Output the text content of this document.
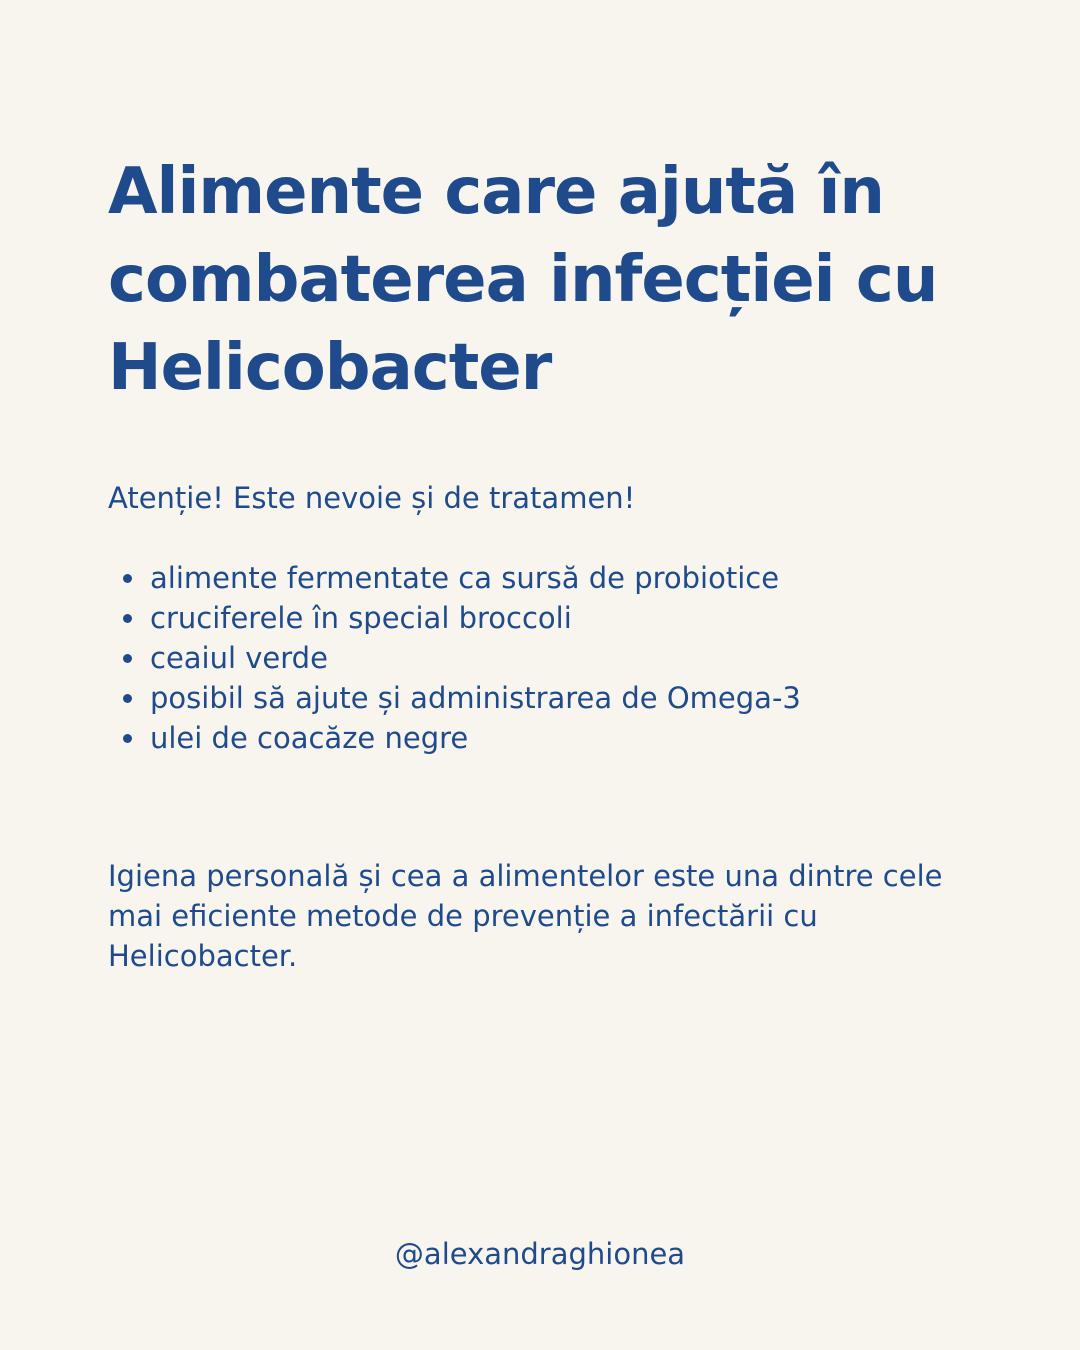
Alimente care ajută în combaterea infecției cu Helicobacter

Atenție! Este nevoie și de tratamen!

alimente fermentate ca sursă de probiotice
cruciferele în special broccoli
ceaiul verde
posibil să ajute și administrarea de Omega-3
ulei de coacăze negre

Igiena personală și cea a alimentelor este una dintre cele mai eficiente metode de prevenție a infectării cu Helicobacter.

@alexandraghionea
